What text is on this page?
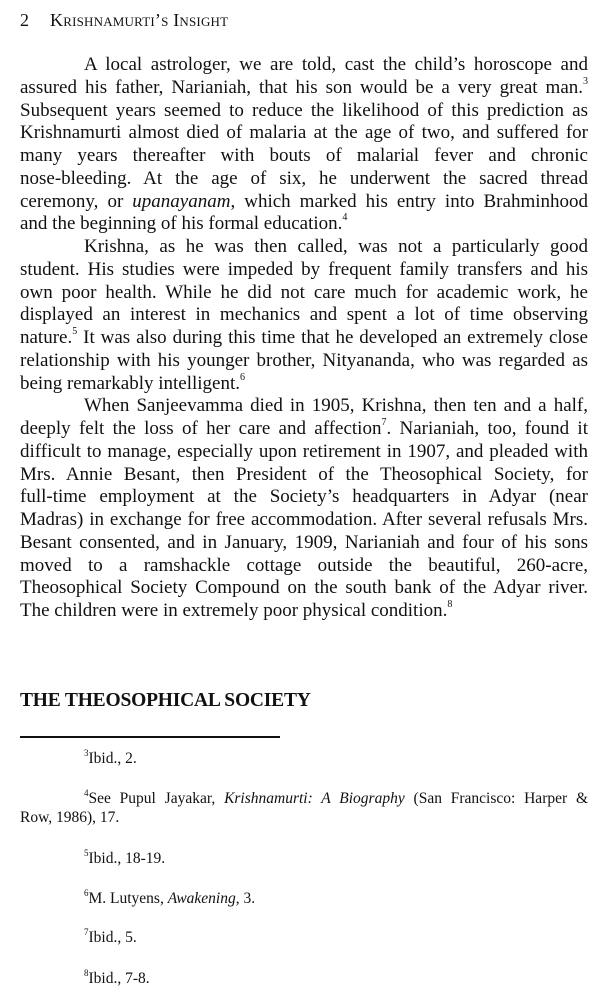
2 Krishnamurti’s Insight
A local astrologer, we are told, cast the child’s horoscope and
assured his father, Narianiah, that his son would be a very great man.$^3$
Subsequent years seemed to reduce the likelihood of this prediction as
Krishnamurti almost died of malaria at the age of two, and suffered for
many years thereafter with bouts of malarial fever and chronic
nose-bleeding. At the age of six, he underwent the sacred thread
ceremony, or upanayanam, which marked his entry into Brahminhood
and the beginning of his formal education.$^4$
Krishna, as he was then called, was not a particularly good
student. His studies were impeded by frequent family transfers and his
own poor health. While he did not care much for academic work, he
displayed an interest in mechanics and spent a lot of time observing
nature.$^5$ It was also during this time that he developed an extremely close
relationship with his younger brother, Nityananda, who was regarded as
being remarkably intelligent.$^6$
When Sanjeevamma died in 1905, Krishna, then ten and a half,
deeply felt the loss of her care and affection$^7$. Narianiah, too, found it
difficult to manage, especially upon retirement in 1907, and pleaded with
Mrs. Annie Besant, then President of the Theosophical Society, for
full-time employment at the Society’s headquarters in Adyar (near
Madras) in exchange for free accommodation. After several refusals Mrs.
Besant consented, and in January, 1909, Narianiah and four of his sons
moved to a ramshackle cottage outside the beautiful, 260-acre,
Theosophical Society Compound on the south bank of the Adyar river.
The children were in extremely poor physical condition.$^8$
THE THEOSOPHICAL SOCIETY
$^3$Ibid., 2.
$^4$See Pupul Jayakar, Krishnamurti: A Biography (San Francisco: Harper &
Row, 1986), 17.
$^5$Ibid., 18-19.
$^6$M. Lutyens, Awakening, 3.
$^7$Ibid., 5.
$^8$Ibid., 7-8.
